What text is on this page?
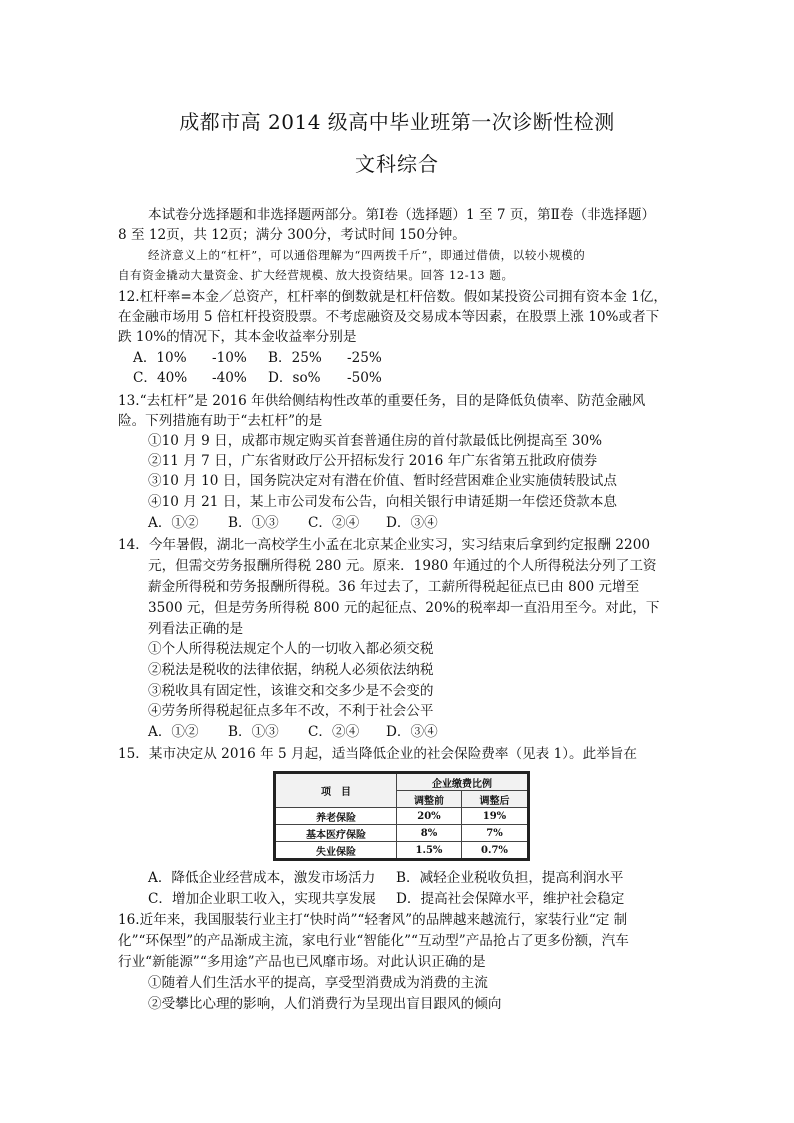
成都市高 2014 级高中毕业班第一次诊断性检测
文科综合
本试卷分选择题和非选择题两部分。第Ⅰ卷（选择题）1 至 7 页，第Ⅱ卷（非选择题）
8 至 12页，共 12页；满分 300分，考试时间 150分钟。
经济意义上的“杠杆”，可以通俗理解为“四两拨千斤”，即通过借债，以较小规模的
自有资金撬动大量资金、扩大经营规模、放大投资结果。回答 12-13 题。
12.杠杆率=本金／总资产，杠杆率的倒数就是杠杆倍数。假如某投资公司拥有资本金 1亿，
在金融市场用 5 倍杠杆投资股票。不考虑融资及交易成本等因素，在股票上涨 10%或者下
跌 10%的情况下，其本金收益率分别是
A．10% -10% B．25% -25%
C．40% -40% D．so% -50%
13.“去杠杆”是 2016 年供给侧结构性改革的重要任务，目的是降低负债率、防范金融风
险。下列措施有助于“去杠杆”的是
①10 月 9 日，成都市规定购买首套普通住房的首付款最低比例提高至 30%
②11 月 7 日，广东省财政厅公开招标发行 2016 年广东省第五批政府债券
③10 月 10 日，国务院决定对有潜在价值、暂时经营困难企业实施债转股试点
④10 月 21 日，某上市公司发布公告，向相关银行申请延期一年偿还贷款本息
A．①② B．①③ C．②④ D．③④
14．今年暑假，湖北一高校学生小孟在北京某企业实习，实习结束后拿到约定报酬 2200
元，但需交劳务报酬所得税 280 元。原来．1980 年通过的个人所得税法分列了工资
薪金所得税和劳务报酬所得税。36 年过去了，工薪所得税起征点已由 800 元增至
3500 元，但是劳务所得税 800 元的起征点、20%的税率却一直沿用至今。对此，下
列看法正确的是
①个人所得税法规定个人的一切收入都必须交税
②税法是税收的法律依据，纳税人必须依法纳税
③税收具有固定性，该谁交和交多少是不会变的
④劳务所得税起征点多年不改，不利于社会公平
A．①② B．①③ C．②④ D．③④
15．某市决定从 2016 年 5 月起，适当降低企业的社会保险费率（见表 1）。此举旨在
项　目	企业缴费比例	
	调整前	调整后
养老保险	20%	19%
基本医疗保险	8%	7%
失业保险	1.5%	0.7%
A．降低企业经营成本，激发市场活力 B．减轻企业税收负担，提高利润水平
C．增加企业职工收入，实现共享发展 D．提高社会保障水平，维护社会稳定
16.近年来，我国服装行业主打“快时尚”“轻奢风”的品牌越来越流行，家装行业“定 制
化”“环保型”的产品渐成主流，家电行业“智能化”“互动型”产品抢占了更多份额，汽车
行业“新能源”“多用途”产品也已风靡市场。对此认识正确的是
①随着人们生活水平的提高，享受型消费成为消费的主流
②受攀比心理的影响，人们消费行为呈现出盲目跟风的倾向
